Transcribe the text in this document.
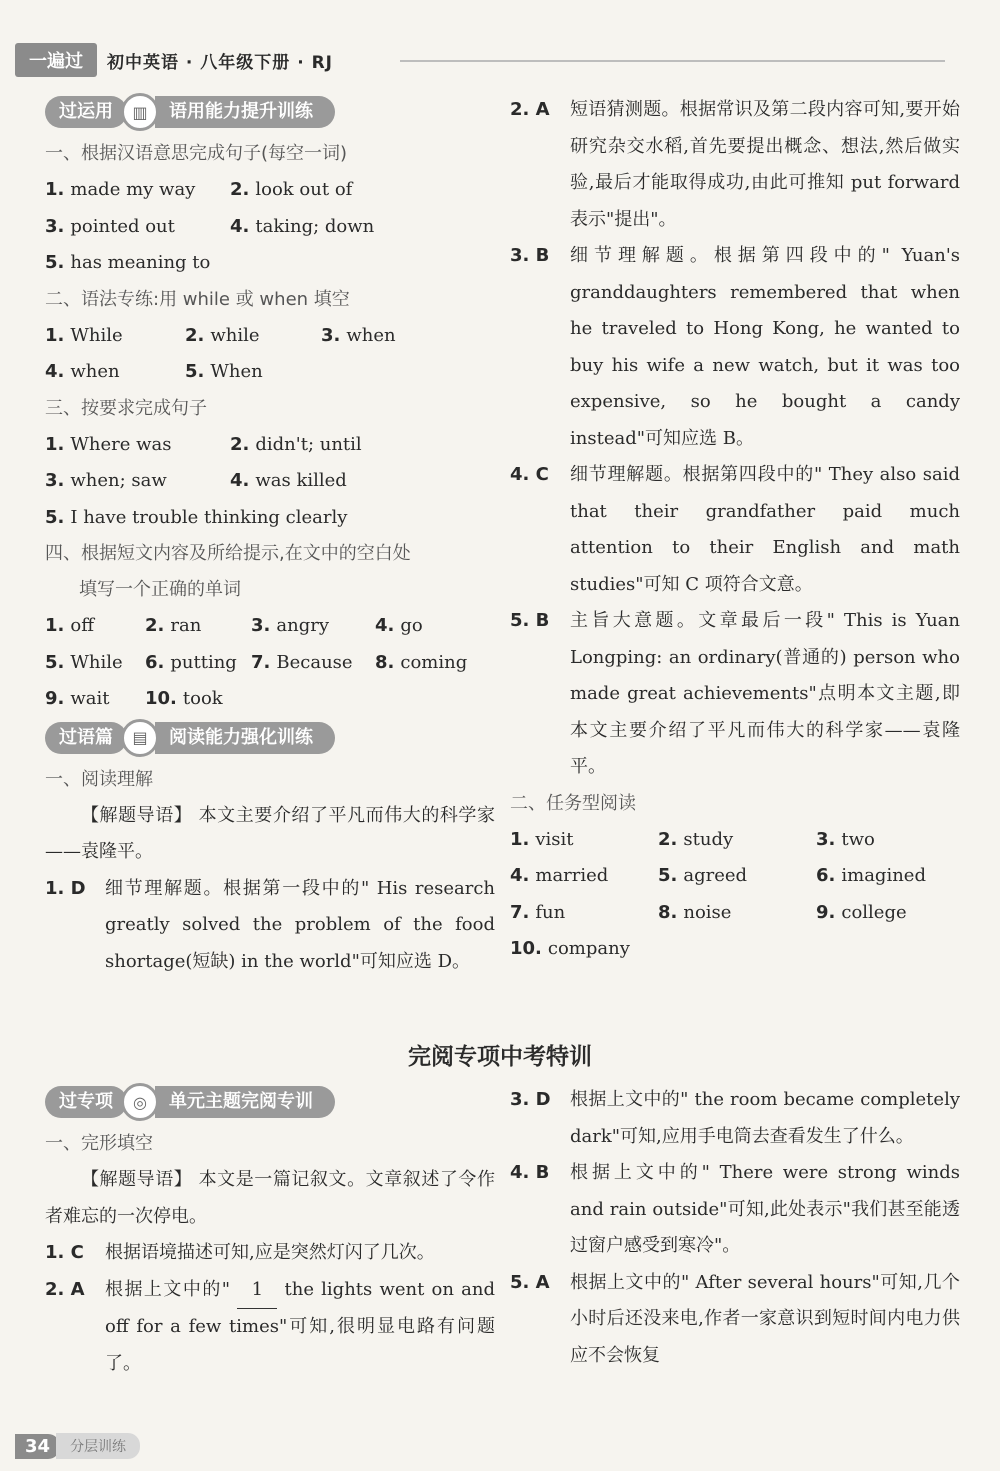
一遍过	初中英语 · 八年级下册 · RJ
过运用	▥	语用能力提升训练
一、根据汉语意思完成句子(每空一词)
1. made my way	2. look out of
3. pointed out	4. taking; down
5. has meaning to
二、语法专练:用 while 或 when 填空
1. While	2. while	3. when
4. when	5. When
三、按要求完成句子
1. Where was	2. didn't; until
3. when; saw	4. was killed
5. I have trouble thinking clearly
四、根据短文内容及所给提示,在文中的空白处
填写一个正确的单词
1. off	2. ran	3. angry	4. go
5. While	6. putting 7. Because	8. coming
9. wait	10. took
过语篇	▤	阅读能力强化训练
一、阅读理解
【解题导语】 本文主要介绍了平凡而伟大的科学家——袁隆平。
1. D	细节理解题。根据第一段中的" His research greatly solved the problem of the food shortage(短缺) in the world"可知应选 D。
2. A	短语猜测题。根据常识及第二段内容可知,要开始研究杂交水稻,首先要提出概念、想法,然后做实验,最后才能取得成功,由此可推知 put forward 表示"提出"。
3. B	细节理解题。根据第四段中的" Yuan's granddaughters remembered that when he traveled to Hong Kong, he wanted to buy his wife a new watch, but it was too expensive, so he bought a candy instead"可知应选 B。
4. C	细节理解题。根据第四段中的" They also said that their grandfather paid much attention to their English and math studies"可知 C 项符合文意。
5. B	主旨大意题。文章最后一段" This is Yuan Longping: an ordinary(普通的) person who made great achievements"点明本文主题,即本文主要介绍了平凡而伟大的科学家——袁隆平。
二、任务型阅读
1. visit	2. study	3. two
4. married	5. agreed	6. imagined
7. fun	8. noise	9. college
10. company
完阅专项中考特训
过专项	◎	单元主题完阅专训
一、完形填空
【解题导语】 本文是一篇记叙文。文章叙述了令作者难忘的一次停电。
1. C	根据语境描述可知,应是突然灯闪了几次。
2. A	根据上文中的" 1 the lights went on and off for a few times"可知,很明显电路有问题了。
3. D	根据上文中的" the room became completely dark"可知,应用手电筒去查看发生了什么。
4. B	根据上文中的" There were strong winds and rain outside"可知,此处表示"我们甚至能透过窗户感受到寒冷"。
5. A	根据上文中的" After several hours"可知,几个小时后还没来电,作者一家意识到短时间内电力供应不会恢复
34	分层训练
